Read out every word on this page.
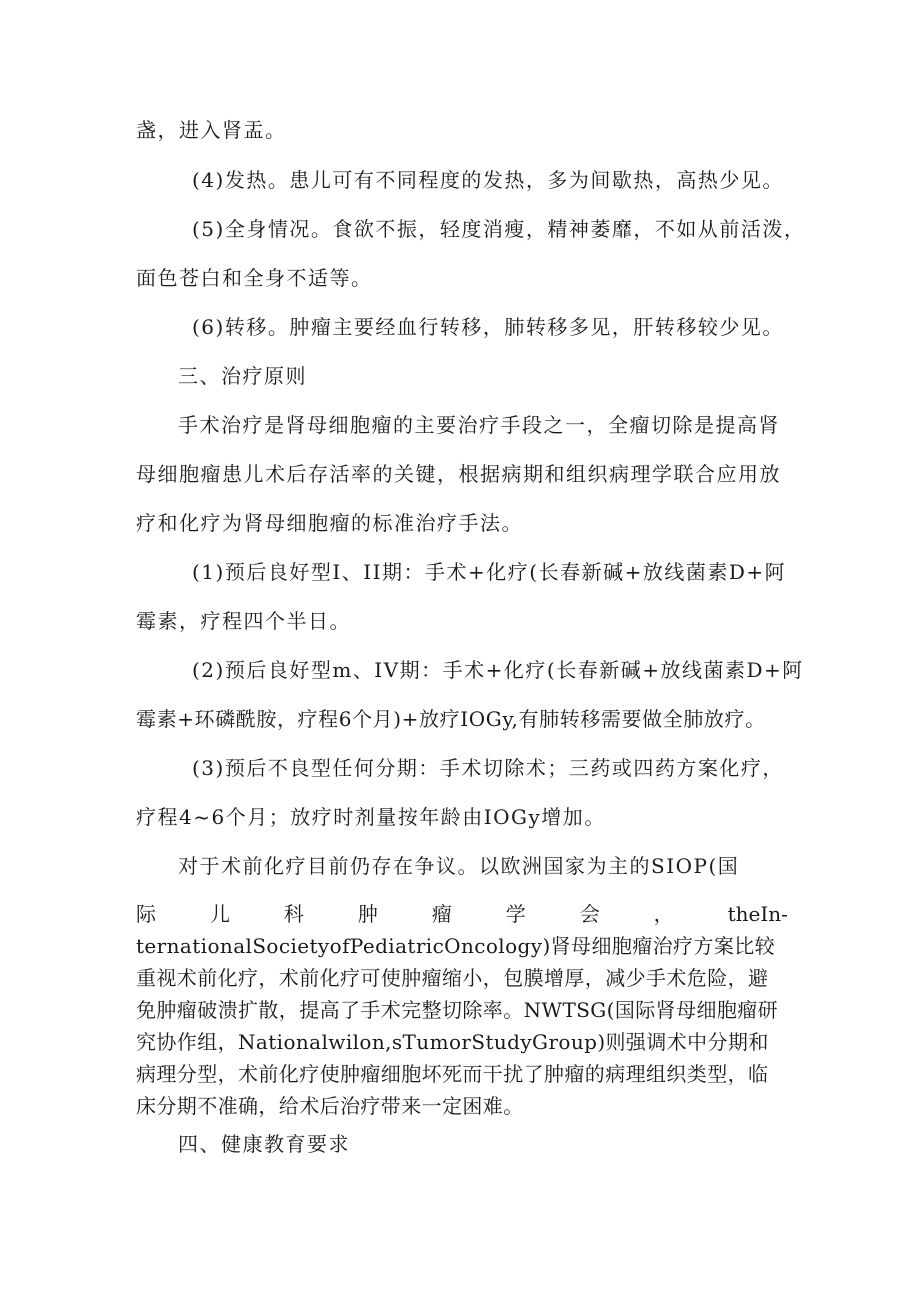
盏，进入肾盂。

(4)发热。患儿可有不同程度的发热，多为间歇热，高热少见。

(5)全身情况。食欲不振，轻度消瘦，精神萎靡，不如从前活泼，

面色苍白和全身不适等。

(6)转移。肿瘤主要经血行转移，肺转移多见，肝转移较少见。

三、治疗原则

手术治疗是肾母细胞瘤的主要治疗手段之一，全瘤切除是提高肾

母细胞瘤患儿术后存活率的关键，根据病期和组织病理学联合应用放

疗和化疗为肾母细胞瘤的标准治疗手法。

(1)预后良好型I、II期：手术+化疗(长春新碱+放线菌素D+阿

霉素，疗程四个半日。

(2)预后良好型m、IV期：手术+化疗(长春新碱+放线菌素D+阿

霉素+环磷酰胺，疗程6个月)+放疗IOGy,有肺转移需要做全肺放疗。

(3)预后不良型任何分期：手术切除术；三药或四药方案化疗，

疗程4~6个月；放疗时剂量按年龄由IOGy增加。

对于术前化疗目前仍存在争议。以欧洲国家为主的SIOP(国

际	儿	科	肿	瘤	学	会	，	theIn-

ternationalSocietyofPediatricOncology)肾母细胞瘤治疗方案比较重视术前化疗，术前化疗可使肿瘤缩小，包膜增厚，减少手术危险，避免肿瘤破溃扩散，提高了手术完整切除率。NWTSG(国际肾母细胞瘤研究协作组，Nationalwilon,sTumorStudyGroup)则强调术中分期和病理分型，术前化疗使肿瘤细胞坏死而干扰了肿瘤的病理组织类型，临床分期不准确，给术后治疗带来一定困难。

四、健康教育要求
